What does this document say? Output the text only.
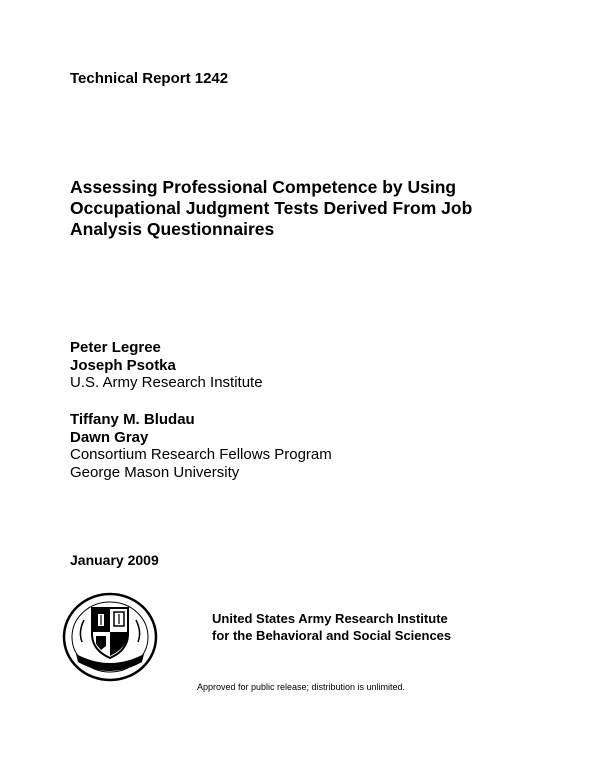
Technical Report 1242
Assessing Professional Competence by Using Occupational Judgment Tests Derived From Job Analysis Questionnaires
Peter Legree
Joseph Psotka
U.S. Army Research Institute
Tiffany M. Bludau
Dawn Gray
Consortium Research Fellows Program
George Mason University
January 2009
United States Army Research Institute
for the Behavioral and Social Sciences
Approved for public release; distribution is unlimited.
